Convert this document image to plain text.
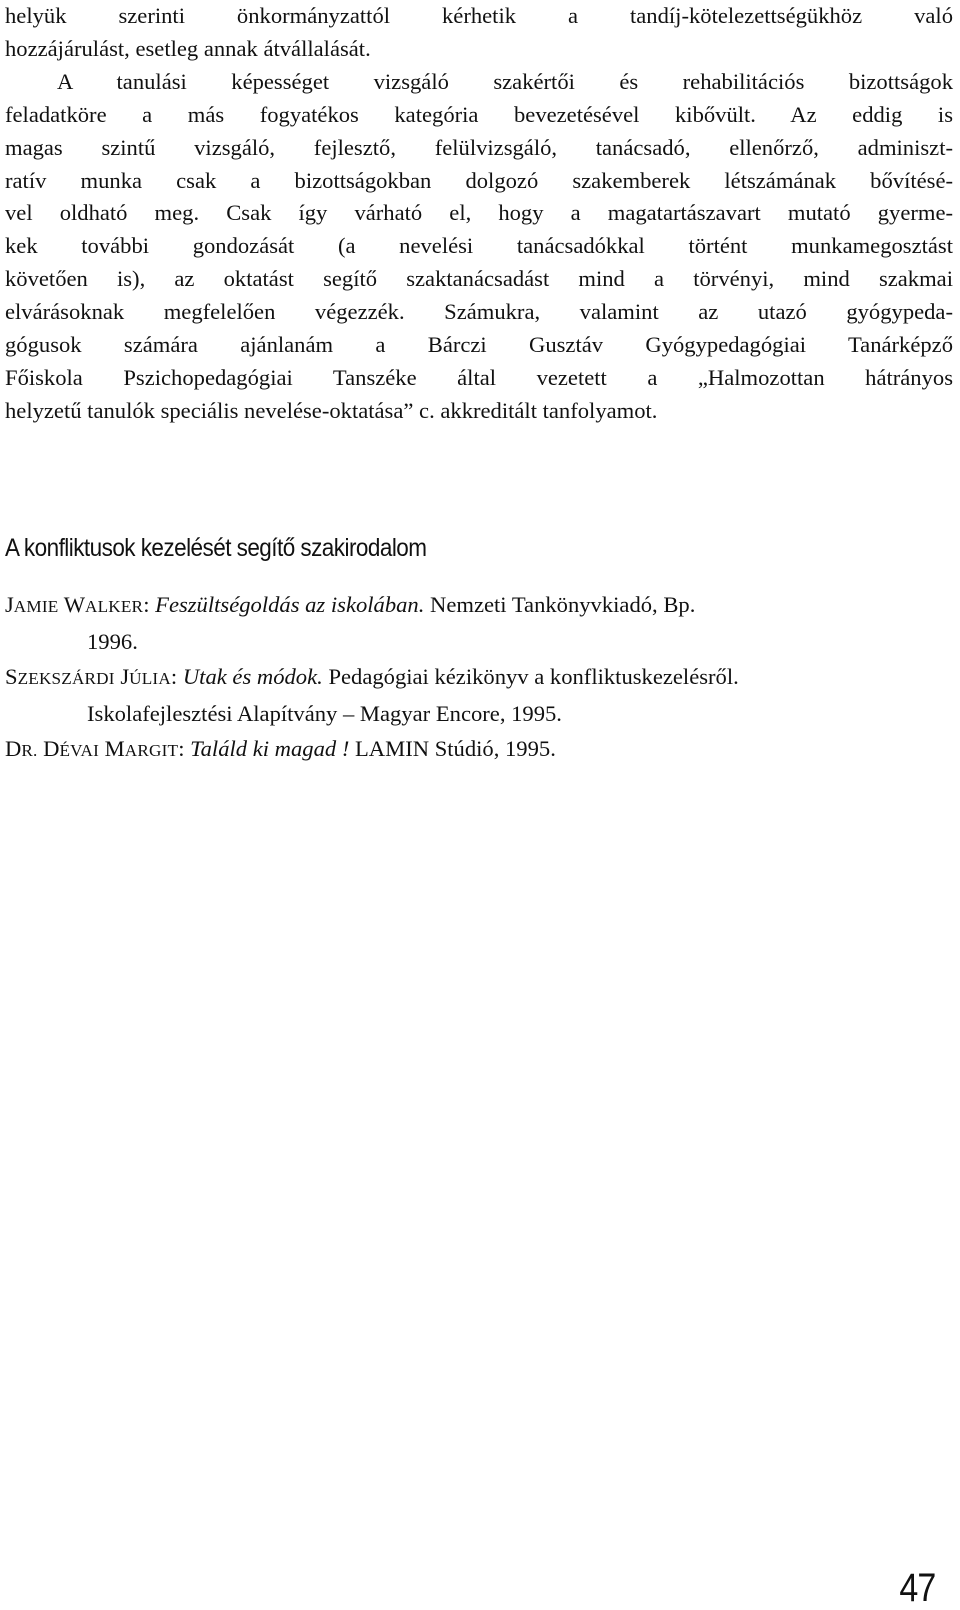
helyük szerinti önkormányzattól kérhetik a tandíj-kötelezettségükhöz való
hozzájárulást, esetleg annak átvállalását.
A tanulási képességet vizsgáló szakértői és rehabilitációs bizottságok
feladatköre a más fogyatékos kategória bevezetésével kibővült. Az eddig is
magas szintű vizsgáló, fejlesztő, felülvizsgáló, tanácsadó, ellenőrző, adminiszt-
ratív munka csak a bizottságokban dolgozó szakemberek létszámának bővítésé-
vel oldható meg. Csak így várható el, hogy a magatartászavart mutató gyerme-
kek további gondozását (a nevelési tanácsadókkal történt munkamegosztást
követően is), az oktatást segítő szaktanácsadást mind a törvényi, mind szakmai
elvárásoknak megfelelően végezzék. Számukra, valamint az utazó gyógypeda-
gógusok számára ajánlanám a Bárczi Gusztáv Gyógypedagógiai Tanárképző
Főiskola Pszichopedagógiai Tanszéke által vezetett a „Halmozottan hátrányos
helyzetű tanulók speciális nevelése-oktatása” c. akkreditált tanfolyamot.

A konfliktusok kezelését segítő szakirodalom
JAMIE WALKER: Feszültségoldás az iskolában. Nemzeti Tankönyvkiadó, Bp.
1996.
SZEKSZÁRDI JÚLIA: Utak és módok. Pedagógiai kézikönyv a konfliktuskezelésről.
Iskolafejlesztési Alapítvány – Magyar Encore, 1995.
DR. DÉVAI MARGIT: Találd ki magad ! LAMIN Stúdió, 1995.
47
